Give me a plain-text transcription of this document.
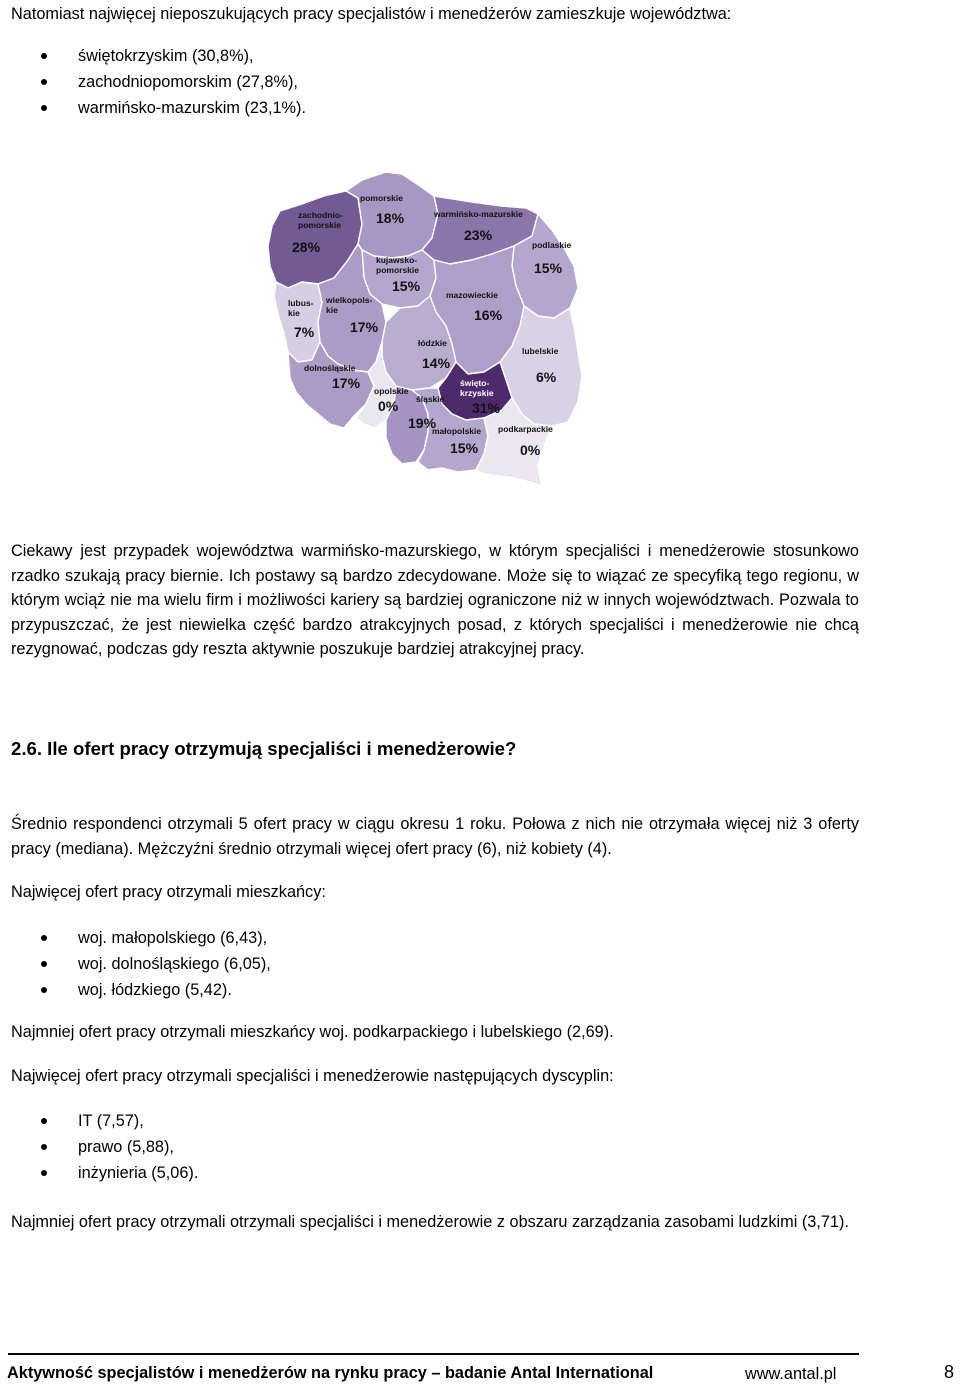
Natomiast najwięcej nieposzukujących pracy specjalistów i menedżerów zamieszkuje województwa:

świętokrzyskim (30,8%),
zachodniopomorskim (27,8%),
warmińsko-mazurskim (23,1%).
zachodnio-
pomorskie
28%
pomorskie
18%	warmińsko-mazurskie
23%
podlaskie
15%
kujawsko-
pomorskie
15%
lubus-
kie
7%
wielkopols-
kie
17%
mazowieckie
16%
łódzkie
14%
lubelskie
6%
dolnośląskie
17% opolskie
0% śląskie
19%
święto-
krzyskie
31%
małopolskie
15%
podkarpackie
0%

Ciekawy jest przypadek województwa warmińsko-mazurskiego, w którym specjaliści i menedżerowie stosunkowo rzadko szukają pracy biernie. Ich postawy są bardzo zdecydowane. Może się to wiązać ze specyfiką tego regionu, w którym wciąż nie ma wielu firm i możliwości kariery są bardziej ograniczone niż w innych województwach. Pozwala to przypuszczać, że jest niewielka część bardzo atrakcyjnych posad, z których specjaliści i menedżerowie nie chcą rezygnować, podczas gdy reszta aktywnie poszukuje bardziej atrakcyjnej pracy.

2.6. Ile ofert pracy otrzymują specjaliści i menedżerowie?

Średnio respondenci otrzymali 5 ofert pracy w ciągu okresu 1 roku. Połowa z nich nie otrzymała więcej niż 3 oferty pracy (mediana). Mężczyźni średnio otrzymali więcej ofert pracy (6), niż kobiety (4).

Najwięcej ofert pracy otrzymali mieszkańcy:

woj. małopolskiego (6,43),
woj. dolnośląskiego (6,05),
woj. łódzkiego (5,42).

Najmniej ofert pracy otrzymali mieszkańcy woj. podkarpackiego i lubelskiego (2,69).

Najwięcej ofert pracy otrzymali specjaliści i menedżerowie następujących dyscyplin:

IT (7,57),
prawo (5,88),
inżynieria (5,06).

Najmniej ofert pracy otrzymali otrzymali specjaliści i menedżerowie z obszaru zarządzania zasobami ludzkimi (3,71).

Aktywność specjalistów i menedżerów na rynku pracy – badanie Antal International	www.antal.pl	8
